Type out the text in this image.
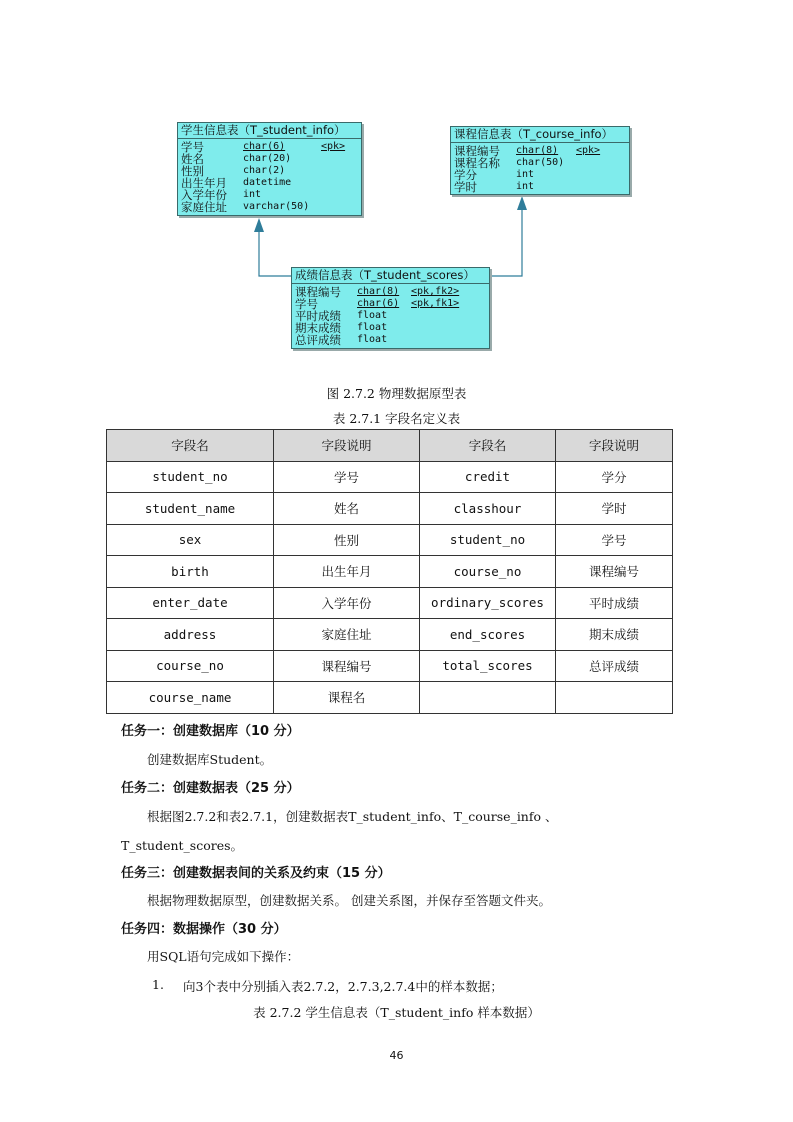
学生信息表（T_student_info）
学号	char(6)	<pk>
姓名	char(20)
性别	char(2)
出生年月	datetime
入学年份	int
家庭住址	varchar(50)
课程信息表（T_course_info）
课程编号	char(8)	<pk>
课程名称	char(50)
学分	int
学时	int
成绩信息表（T_student_scores）
课程编号	char(8)	<pk,fk2>
学号	char(6)	<pk,fk1>
平时成绩	float
期末成绩	float
总评成绩	float
图 2.7.2 物理数据原型表
表 2.7.1 字段名定义表
字段名	字段说明	字段名	字段说明
student_no	学号	credit	学分
student_name	姓名	classhour	学时
sex	性别	student_no	学号
birth	出生年月	course_no	课程编号
enter_date	入学年份	ordinary_scores	平时成绩
address	家庭住址	end_scores	期末成绩
course_no	课程编号	total_scores	总评成绩
course_name	课程名		
任务一：创建数据库（10 分）
创建数据库Student。
任务二：创建数据表（25 分）
根据图2.7.2和表2.7.1，创建数据表T_student_info、T_course_info 、
T_student_scores。
任务三：创建数据表间的关系及约束（15 分）
根据物理数据原型，创建数据关系。 创建关系图，并保存至答题文件夹。
任务四：数据操作（30 分）
用SQL语句完成如下操作：
1. 向3个表中分别插入表2.7.2，2.7.3,2.7.4中的样本数据；
表 2.7.2 学生信息表（T_student_info 样本数据）
46
